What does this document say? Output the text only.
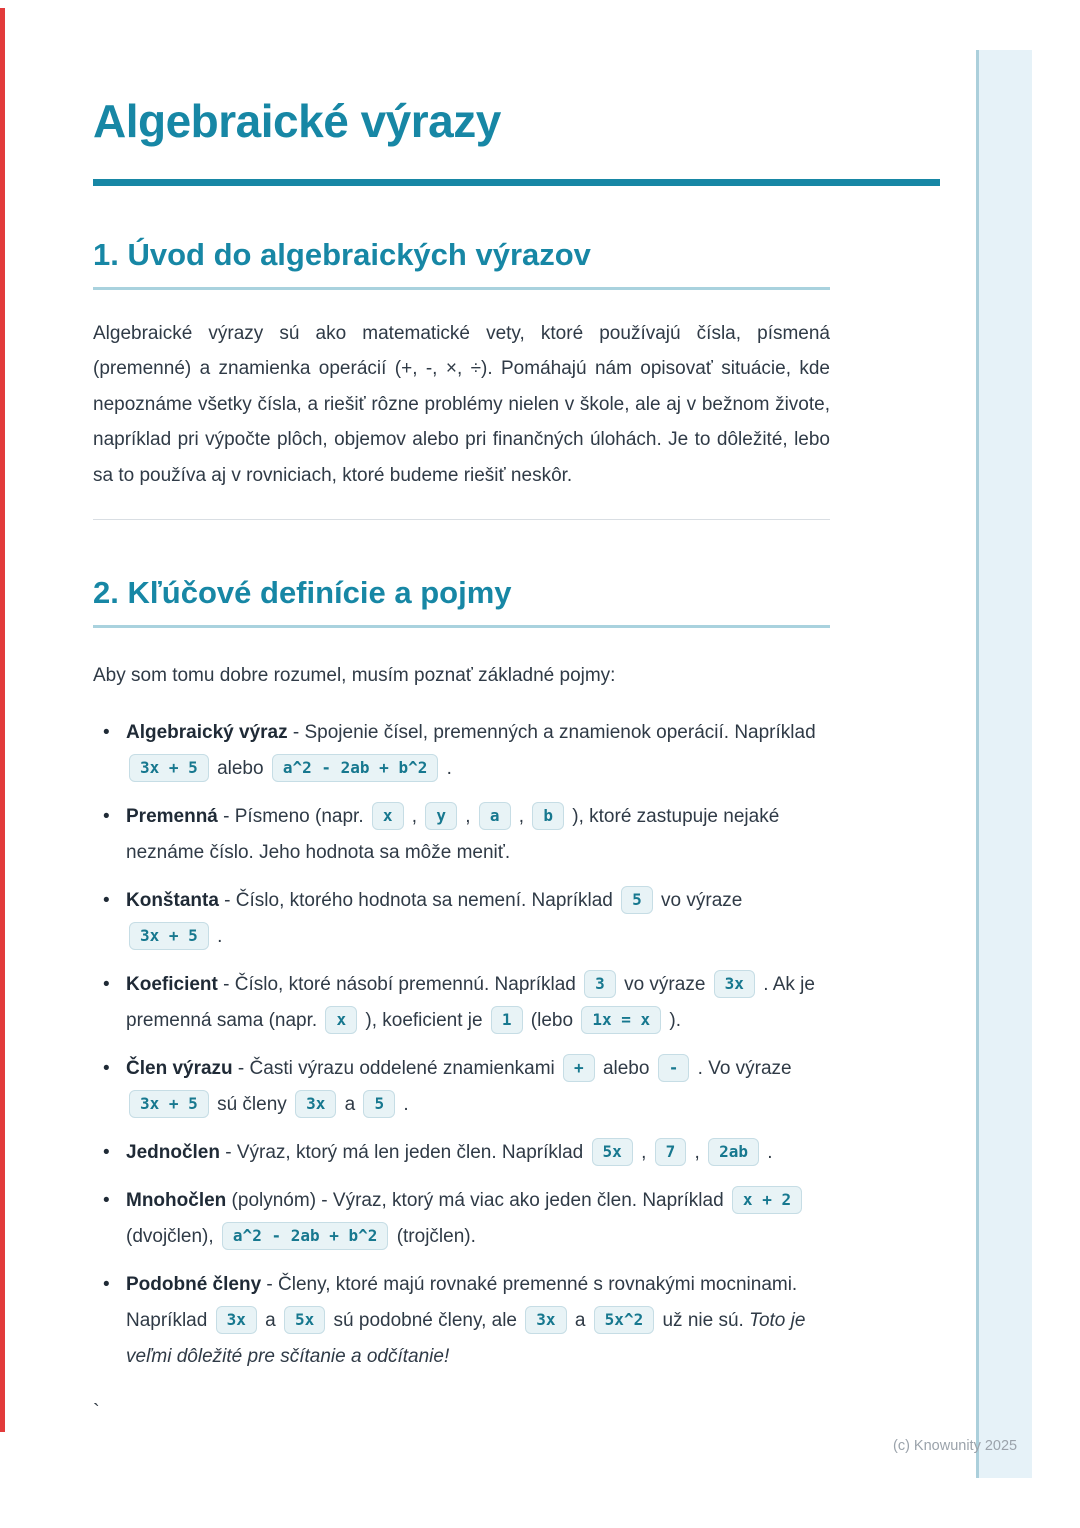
Algebraické výrazy
1. Úvod do algebraických výrazov

Algebraické výrazy sú ako matematické vety, ktoré používajú čísla, písmená (premenné) a znamienka operácií (+, -, ×, ÷). Pomáhajú nám opisovať situácie, kde nepoznáme všetky čísla, a riešiť rôzne problémy nielen v škole, ale aj v bežnom živote, napríklad pri výpočte plôch, objemov alebo pri finančných úlohách. Je to dôležité, lebo sa to používa aj v rovniciach, ktoré budeme riešiť neskôr.

2. Kľúčové definície a pojmy

Aby som tomu dobre rozumel, musím poznať základné pojmy:

• Algebraický výraz - Spojenie čísel, premenných a znamienok operácií. Napríklad 3x + 5 alebo a^2 - 2ab + b^2 .
• Premenná - Písmeno (napr. x , y , a , b ), ktoré zastupuje nejaké neznáme číslo. Jeho hodnota sa môže meniť.
• Konštanta - Číslo, ktorého hodnota sa nemení. Napríklad 5 vo výraze 3x + 5 .
• Koeficient - Číslo, ktoré násobí premennú. Napríklad 3 vo výraze 3x . Ak je premenná sama (napr. x ), koeficient je 1 (lebo 1x = x ).
• Člen výrazu - Časti výrazu oddelené znamienkami + alebo - . Vo výraze 3x + 5 sú členy 3x a 5 .
• Jednočlen - Výraz, ktorý má len jeden člen. Napríklad 5x , 7 , 2ab .
• Mnohočlen (polynóm) - Výraz, ktorý má viac ako jeden člen. Napríklad x + 2 (dvojčlen), a^2 - 2ab + b^2 (trojčlen).
• Podobné členy - Členy, ktoré majú rovnaké premenné s rovnakými mocninami. Napríklad 3x a 5x sú podobné členy, ale 3x a 5x^2 už nie sú. Toto je veľmi dôležité pre sčítanie a odčítanie!
`
(c) Knowunity 2025
